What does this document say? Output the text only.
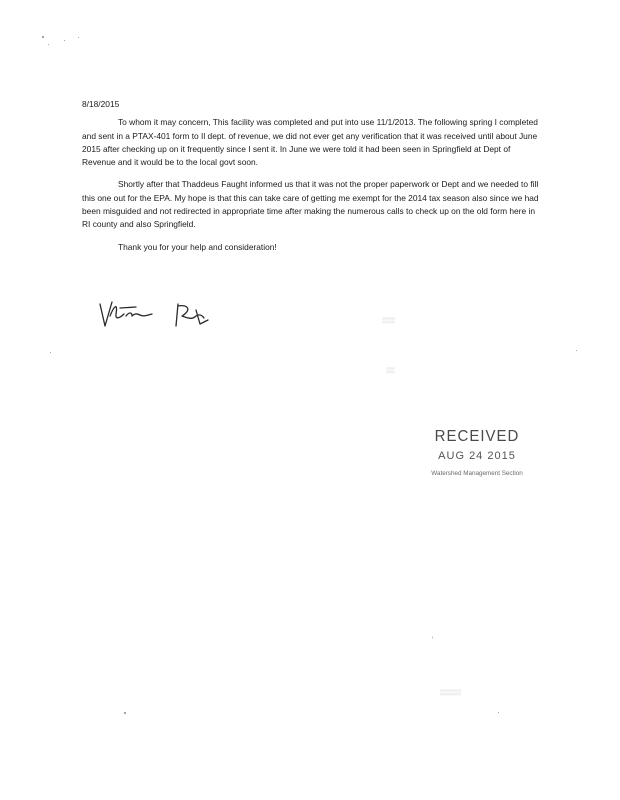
▒▒▒
▒▒
▒▒▒▒▒

8/18/2015

To whom it may concern, This facility was completed and put into use 11/1/2013. The following spring I completed and sent in a PTAX-401 form to Il dept. of revenue, we did not ever get any verification that it was received until about June 2015 after checking up on it frequently since I sent it. In June we were told it had been seen in Springfield at Dept of Revenue and it would be to the local govt soon.

Shortly after that Thaddeus Faught informed us that it was not the proper paperwork or Dept and we needed to fill this one out for the EPA. My hope is that this can take care of getting me exempt for the 2014 tax season also since we had been misguided and not redirected in appropriate time after making the numerous calls to check up on the old form here in RI county and also Springfield.

Thank you for your help and consideration!

RECEIVED
AUG 24 2015
Watershed Management Section
